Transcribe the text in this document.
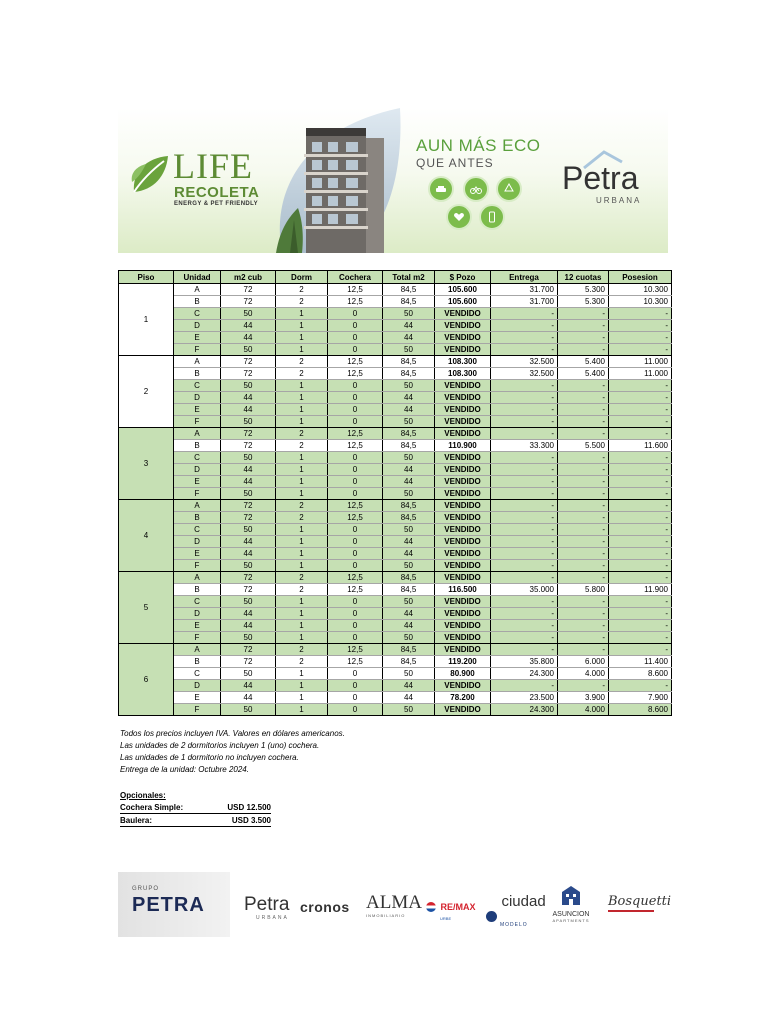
LIFE
RECOLETA
ENERGY & PET FRIENDLY
AUN MÁS ECO
QUE ANTES Petra
URBANA
Piso	Unidad	m2 cub	Dorm	Cochera	Total m2	$ Pozo	Entrega	12 cuotas	Posesion
1	A	72	2	12,5	84,5	105.600	31.700	5.300	10.300
	B	72	2	12,5	84,5	105.600	31.700	5.300	10.300
	C	50	1	0	50	VENDIDO	-	-	-
	D	44	1	0	44	VENDIDO	-	-	-
	E	44	1	0	44	VENDIDO	-	-	-
	F	50	1	0	50	VENDIDO	-	-	-
2	A	72	2	12,5	84,5	108.300	32.500	5.400	11.000
	B	72	2	12,5	84,5	108.300	32.500	5.400	11.000
	C	50	1	0	50	VENDIDO	-	-	-
	D	44	1	0	44	VENDIDO	-	-	-
	E	44	1	0	44	VENDIDO	-	-	-
	F	50	1	0	50	VENDIDO	-	-	-
3	A	72	2	12,5	84,5	VENDIDO	-	-	-
	B	72	2	12,5	84,5	110.900	33.300	5.500	11.600
	C	50	1	0	50	VENDIDO	-	-	-
	D	44	1	0	44	VENDIDO	-	-	-
	E	44	1	0	44	VENDIDO	-	-	-
	F	50	1	0	50	VENDIDO	-	-	-
4	A	72	2	12,5	84,5	VENDIDO	-	-	-
	B	72	2	12,5	84,5	VENDIDO	-	-	-
	C	50	1	0	50	VENDIDO	-	-	-
	D	44	1	0	44	VENDIDO	-	-	-
	E	44	1	0	44	VENDIDO	-	-	-
	F	50	1	0	50	VENDIDO	-	-	-
5	A	72	2	12,5	84,5	VENDIDO	-	-	-
	B	72	2	12,5	84,5	116.500	35.000	5.800	11.900
	C	50	1	0	50	VENDIDO	-	-	-
	D	44	1	0	44	VENDIDO	-	-	-
	E	44	1	0	44	VENDIDO	-	-	-
	F	50	1	0	50	VENDIDO	-	-	-
6	A	72	2	12,5	84,5	VENDIDO	-	-	-
	B	72	2	12,5	84,5	119.200	35.800	6.000	11.400
	C	50	1	0	50	80.900	24.300	4.000	8.600
	D	44	1	0	44	VENDIDO	-	-	-
	E	44	1	0	44	78.200	23.500	3.900	7.900
	F	50	1	0	50	VENDIDO	24.300	4.000	8.600
Todos los precios incluyen IVA. Valores en dólares americanos.
Las unidades de 2 dormitorios incluyen 1 (uno) cochera.
Las unidades de 1 dormitorio no incluyen cochera.
Entrega de la unidad: Octubre 2024.
Opcionales:
Cochera Simple:	USD 12.500
Baulera:	USD 3.500
GRUPO
PETRA Petra
URBANA
cronos ALMA
INMOBILIARIO
RE/MAX
URBE
ciudad
MODELO
ASUNCION
APARTMENTS
Bosquetti
